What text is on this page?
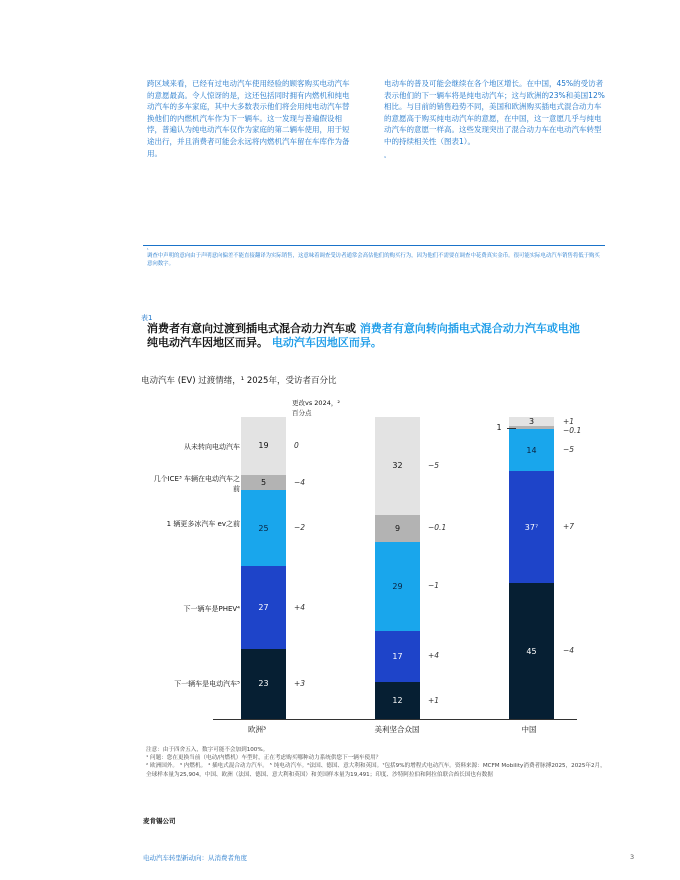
跨区域来看，已经有过电动汽车使用经验的顾客购买电动汽车的意愿最高。令人惊讶的是，这还包括同时拥有内燃机和纯电动汽车的多车家庭，其中大多数表示他们将会用纯电动汽车替换他们的内燃机汽车作为下一辆车。这一发现与普遍假设相悖，普遍认为纯电动汽车仅作为家庭的第二辆车使用，用于短途出行，并且消费者可能会永远将内燃机汽车留在车库作为备用。
电动车的普及可能会继续在各个地区增长。在中国，45%的受访者表示他们的下一辆车将是纯电动汽车；这与欧洲的23%和美国12%相比。与目前的销售趋势不同，美国和欧洲购买插电式混合动力车的意愿高于购买纯电动汽车的意愿，在中国，这一意愿几乎与纯电动汽车的意愿一样高。这些发现突出了混合动力车在电动汽车转型中的持续相关性（图表1）。
¹
¹
调查中声明的意向由于声明意向偏差不能直接翻译为实际销售，这意味着调查受访者通常会高估他们的购买行为，因为他们不需要在调查中花费真实金币。很可能实际电动汽车销售将低于购买意向数字。
表1
消费者有意向过渡到插电式混合动力汽车或 消费者有意向转向插电式混合动力汽车或电池
纯电动汽车因地区而异。 电动汽车因地区而异。
电动汽车 (EV) 过渡情绪，¹ 2025年，受访者百分比
更改vs 2024，²
百分点
从未转向电动汽车
几个ICE³ 车辆在电动汽车之前
1 辆更多冰汽车 ev之前
下一辆车是PHEV⁴
下一辆车是电动汽车⁵	23	+3
27	+4
25	−2
5	−4
19	0
12	+1
17	+4
29	−1
9	−0.1
32	−5
45	−4
37⁷	+7
14	−5
1	−0.1
3	+1
欧洲³	美利坚合众国	中国
注意：由于四舍五入，数字可能不会加到100%。
¹ 问题：您在更换当前（电动/内燃机）车型时，正在考虑购买哪种动力系统供您下一辆车使用？
² 欧洲国外。 ³ 内燃机。 ⁴ 插电式混合动力汽车。 ⁵ 纯电动汽车。⁶法国、德国、意大利和英国。⁷包括9%的增程式电动汽车。资料来源：MCFM Mobility消费者脉搏2025，2025年2月，全球样本量为25,904，中国、欧洲（法国、德国、意大利和英国）和美国样本量为19,491；印度、沙特阿拉伯和阿拉伯联合酋长国也有数据
麦肯锡公司
电动汽车转型新动向：从消费者角度	3
